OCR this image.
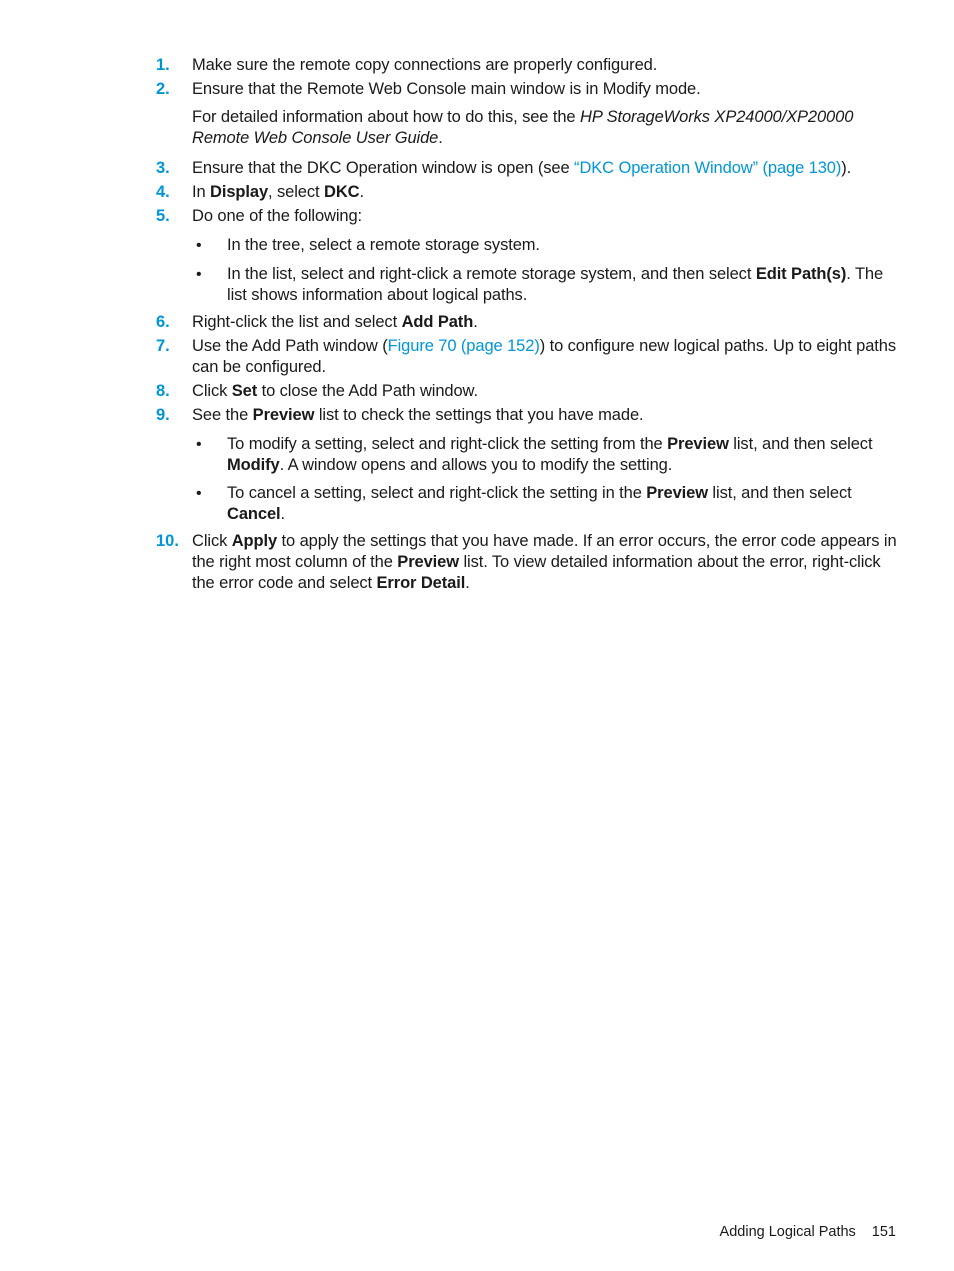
1.	Make sure the remote copy connections are properly configured.
2.	Ensure that the Remote Web Console main window is in Modify mode.
For detailed information about how to do this, see the HP StorageWorks XP24000/XP20000 Remote Web Console User Guide.
3.	Ensure that the DKC Operation window is open (see “DKC Operation Window” (page 130)).
4.	In Display, select DKC.
5.	Do one of the following:
• In the tree, select a remote storage system.
• In the list, select and right-click a remote storage system, and then select Edit Path(s). The list shows information about logical paths.
6.	Right-click the list and select Add Path.
7.	Use the Add Path window (Figure 70 (page 152)) to configure new logical paths. Up to eight paths can be configured.
8.	Click Set to close the Add Path window.
9.	See the Preview list to check the settings that you have made.
• To modify a setting, select and right-click the setting from the Preview list, and then select Modify. A window opens and allows you to modify the setting.
• To cancel a setting, select and right-click the setting in the Preview list, and then select Cancel.
10. Click Apply to apply the settings that you have made. If an error occurs, the error code appears in the right most column of the Preview list. To view detailed information about the error, right-click the error code and select Error Detail.
Adding Logical Paths 151
